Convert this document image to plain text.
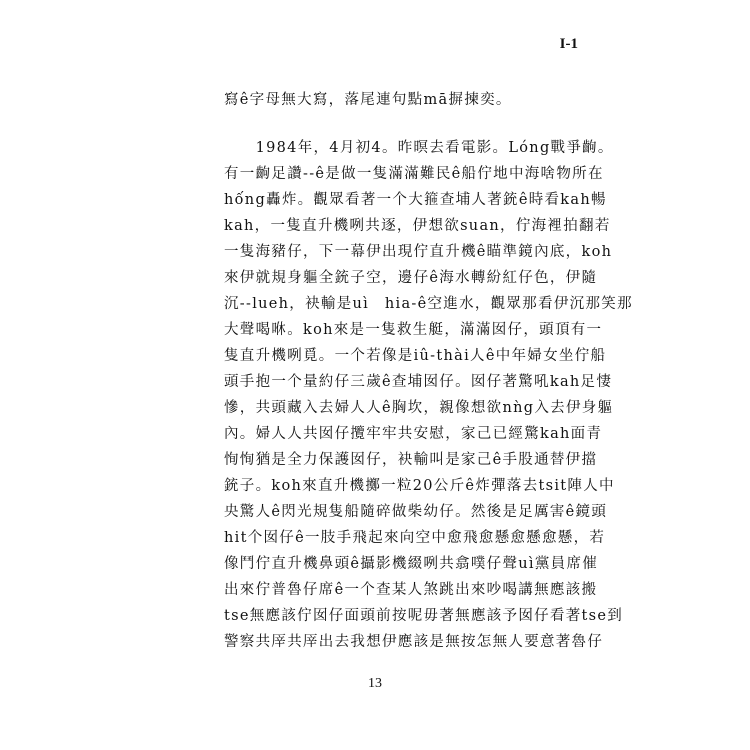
I-1
寫ê字母無大寫，落尾連句點mā摒揀奕。
　　1984年，4月初4。昨暝去看電影。Lóng戰爭齣。
有一齣足讚--ê是做一隻滿滿難民ê船佇地中海啥物所在
hống轟炸。觀眾看著一个大箍查埔人著銃ê時看kah暢
kah，一隻直升機咧共逐，伊想欲suan，佇海裡拍翻若
一隻海豬仔，下一幕伊出現佇直升機ê瞄準鏡內底，koh
來伊就規身軀全銃子空，邊仔ê海水轉紛紅仔色，伊隨
沉--lueh，袂輸是uì　hia-ê空進水，觀眾那看伊沉那笑那
大聲喝咻。koh來是一隻救生艇，滿滿囡仔，頭頂有一
隻直升機咧覓。一个若像是iû-thài人ê中年婦女坐佇船
頭手抱一个量約仔三歲ê查埔囡仔。囡仔著驚吼kah足悽
慘，共頭藏入去婦人人ê胸坎，親像想欲nǹg入去伊身軀
內。婦人人共囡仔攬牢牢共安慰，家己已經驚kah面青
恂恂猶是全力保護囡仔，袂輸叫是家己ê手股通替伊擋
銃子。koh來直升機擲一粒20公斤ê炸彈落去tsit陣人中
央驚人ê閃光規隻船隨碎做柴幼仔。然後是足厲害ê鏡頭
hit个囡仔ê一肢手飛起來向空中愈飛愈懸愈懸愈懸，若
像鬥佇直升機鼻頭ê攝影機綴咧共翕噗仔聲uì黨員席催
出來佇普魯仔席ê一个查某人煞跳出來吵喝講無應該搬
tse無應該佇囡仔面頭前按呢毋著無應該予囡仔看著tse到
警察共厗共厗出去我想伊應該是無按怎無人要意著魯仔
13
